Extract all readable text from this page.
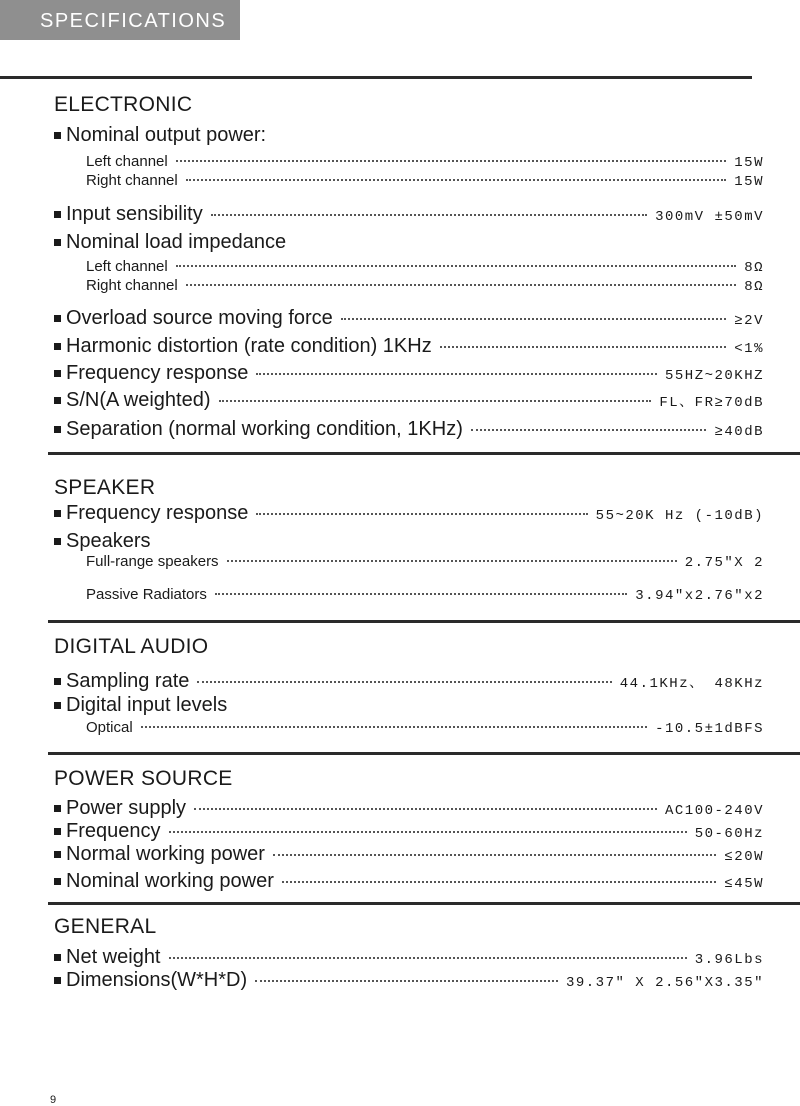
SPECIFICATIONS
ELECTRONIC
Nominal output power:
Left channel	15W
Right channel	15W
Input sensibility	300mV ±50mV
Nominal load impedance
Left channel	8Ω
Right channel	8Ω
Overload source moving force	≥2V
Harmonic distortion (rate condition) 1KHz	<1%
Frequency response	55HZ~20KHZ
S/N(A weighted)	FL、FR≥70dB
Separation (normal working condition, 1KHz)	≥40dB
SPEAKER
Frequency response	55~20K Hz (-10dB)
Speakers
Full-range speakers	2.75"X 2
Passive Radiators	3.94"x2.76"x2
DIGITAL AUDIO
Sampling rate	44.1KHz、 48KHz
Digital input levels
Optical	-10.5±1dBFS
POWER SOURCE
Power supply	AC100-240V
Frequency	50-60Hz
Normal working power	≤20W
Nominal working power	≤45W
GENERAL
Net weight	3.96Lbs
Dimensions(W*H*D)	39.37" X 2.56"X3.35"
9
